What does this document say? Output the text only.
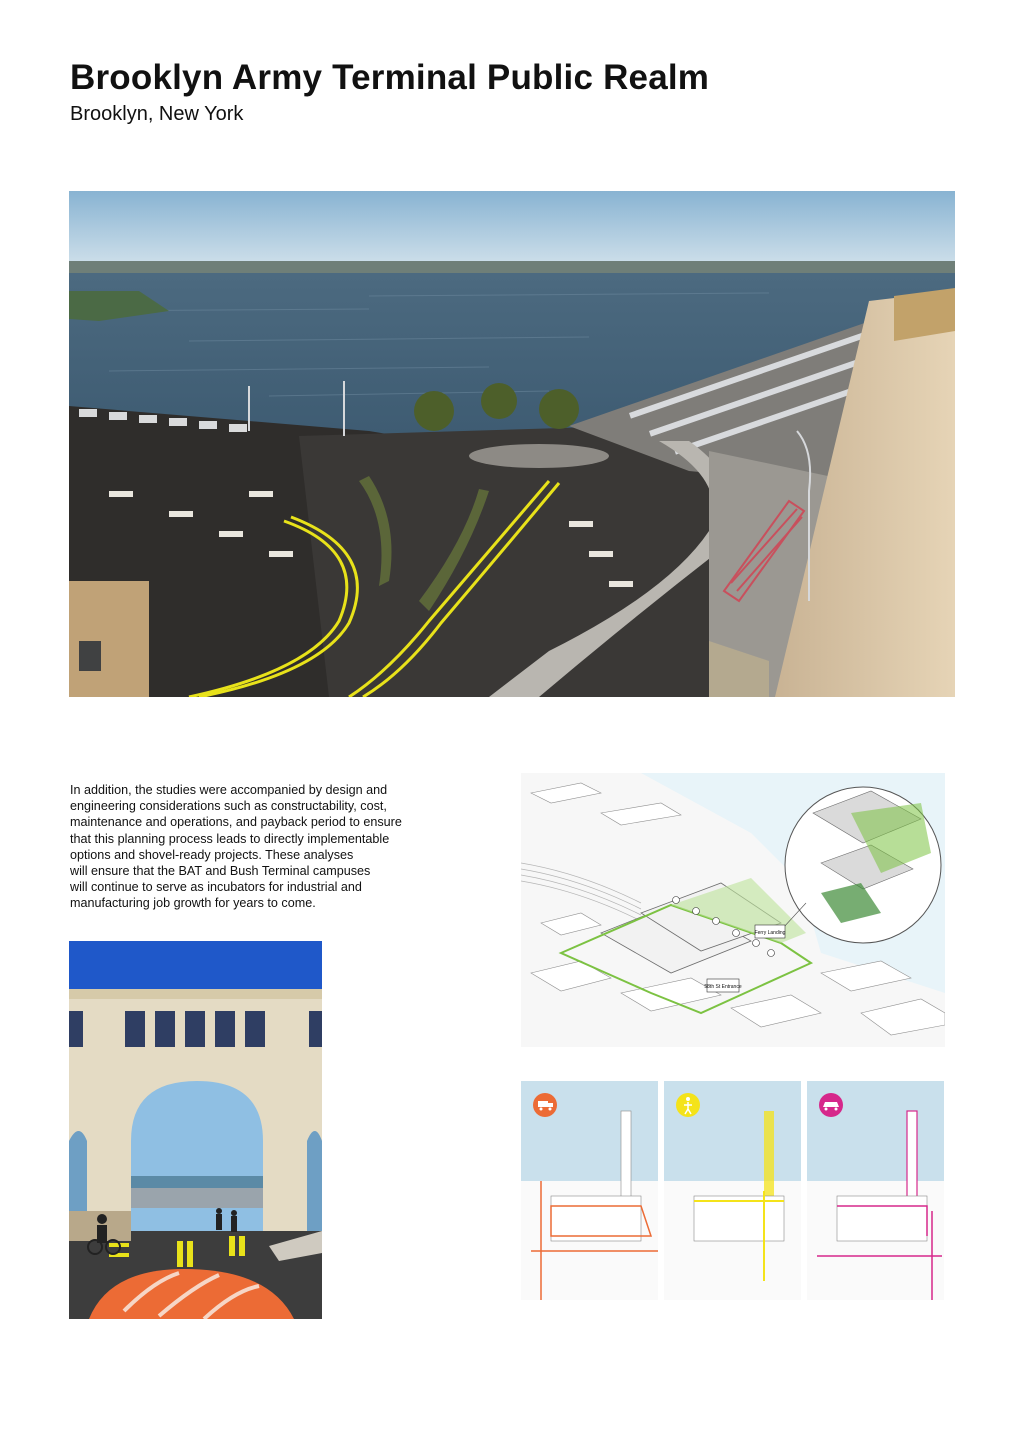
Brooklyn Army Terminal Public Realm
Brooklyn, New York
In addition, the studies were accompanied by design and
engineering considerations such as constructability, cost,
maintenance and operations, and payback period to ensure
that this planning process leads to directly implementable
options and shovel-ready projects. These analyses
will ensure that the BAT and Bush Terminal campuses
will continue to serve as incubators for industrial and
manufacturing job growth for years to come.
Ferry Landing
58th St Entrance
